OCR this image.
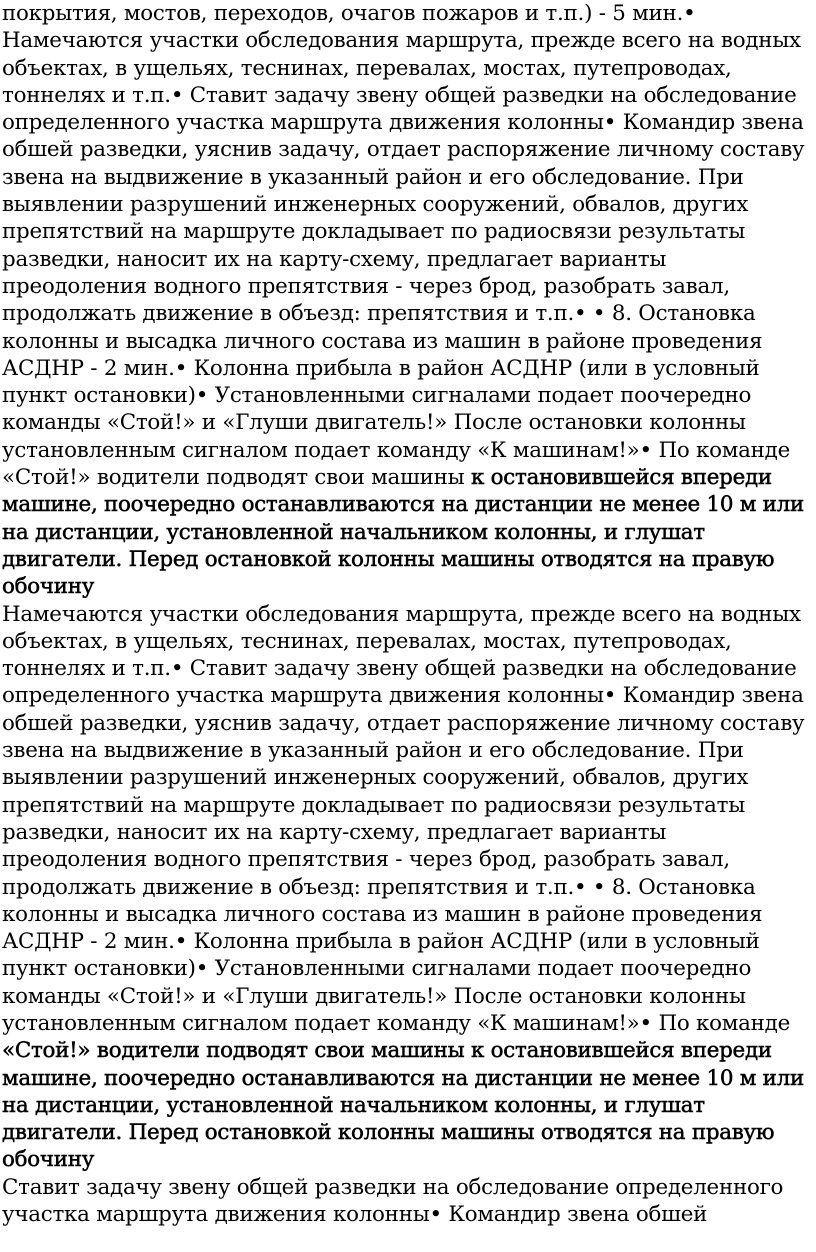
покрытия, мостов, переходов, очагов пожаров и т.п.) - 5 мин.• Намечаются участки обследования маршрута, прежде всего на водных объектах, в ущельях, теснинах, перевалах, мостах, путепроводах, тоннелях и т.п.• Ставит задачу звену общей разведки на обследование определенного участка маршрута движения колонны• Командир звена обшей разведки, уяснив задачу, отдает распоряжение личному составу звена на выдвижение в указанный район и его обследование. При выявлении разрушений инженерных сооружений, обвалов, других препятствий на маршруте докладывает по радиосвязи результаты разведки, наносит их на карту-схему, предлагает варианты преодоления водного препятствия - через брод, разобрать завал, продолжать движение в объезд: препятствия и т.п.• • 8. Остановка колонны и высадка личного состава из машин в районе проведения АСДНР - 2 мин.• Колонна прибыла в район АСДНР (или в условный пункт остановки)• Установленными сигналами подает поочередно команды «Стой!» и «Глуши двигатель!» После остановки колонны установленным сигналом подает команду «К машинам!»• По команде «Стой!» водители подводят свои машины к остановившейся впереди машине, поочередно останавливаются на дистанции не менее 10 м или на дистанции, установленной начальником колонны, и глушат двигатели. Перед остановкой колонны машины отводятся на правую обочину

Намечаются участки обследования маршрута, прежде всего на водных объектах, в ущельях, теснинах, перевалах, мостах, путепроводах, тоннелях и т.п.• Ставит задачу звену общей разведки на обследование определенного участка маршрута движения колонны• Командир звена обшей разведки, уяснив задачу, отдает распоряжение личному составу звена на выдвижение в указанный район и его обследование. При выявлении разрушений инженерных сооружений, обвалов, других препятствий на маршруте докладывает по радиосвязи результаты разведки, наносит их на карту-схему, предлагает варианты преодоления водного препятствия - через брод, разобрать завал, продолжать движение в объезд: препятствия и т.п.• • 8. Остановка колонны и высадка личного состава из машин в районе проведения АСДНР - 2 мин.• Колонна прибыла в район АСДНР (или в условный пункт остановки)• Установленными сигналами подает поочередно команды «Стой!» и «Глуши двигатель!» После остановки колонны установленным сигналом подает команду «К машинам!»• По команде «Стой!» водители подводят свои машины к остановившейся впереди машине, поочередно останавливаются на дистанции не менее 10 м или на дистанции, установленной начальником колонны, и глушат двигатели. Перед остановкой колонны машины отводятся на правую обочину

Ставит задачу звену общей разведки на обследование определенного участка маршрута движения колонны• Командир звена обшей
